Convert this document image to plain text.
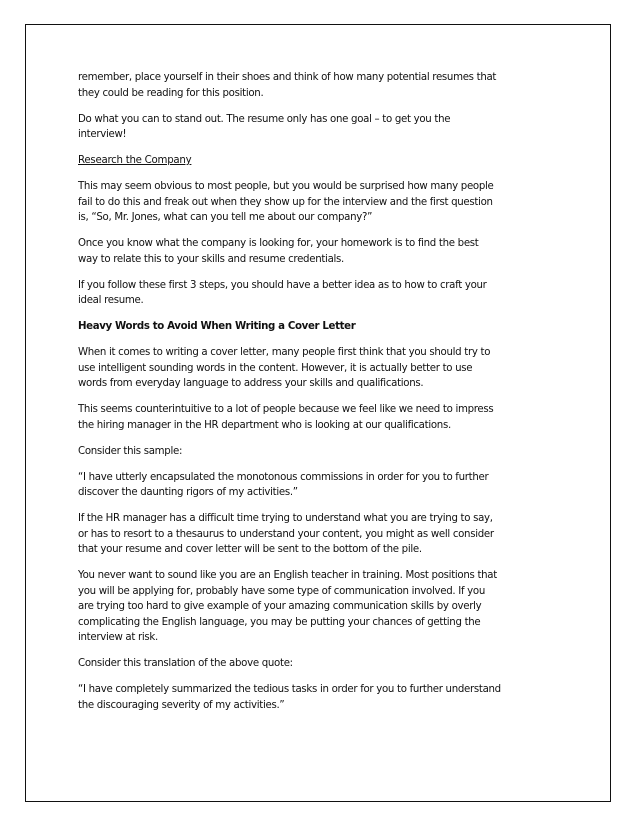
remember, place yourself in their shoes and think of how many potential resumes that
they could be reading for this position.

Do what you can to stand out. The resume only has one goal – to get you the
interview!

Research the Company

This may seem obvious to most people, but you would be surprised how many people
fail to do this and freak out when they show up for the interview and the first question
is, “So, Mr. Jones, what can you tell me about our company?”

Once you know what the company is looking for, your homework is to find the best
way to relate this to your skills and resume credentials.

If you follow these first 3 steps, you should have a better idea as to how to craft your
ideal resume.

Heavy Words to Avoid When Writing a Cover Letter

When it comes to writing a cover letter, many people first think that you should try to
use intelligent sounding words in the content. However, it is actually better to use
words from everyday language to address your skills and qualifications.

This seems counterintuitive to a lot of people because we feel like we need to impress
the hiring manager in the HR department who is looking at our qualifications.

Consider this sample:

“I have utterly encapsulated the monotonous commissions in order for you to further
discover the daunting rigors of my activities.”

If the HR manager has a difficult time trying to understand what you are trying to say,
or has to resort to a thesaurus to understand your content, you might as well consider
that your resume and cover letter will be sent to the bottom of the pile.

You never want to sound like you are an English teacher in training. Most positions that
you will be applying for, probably have some type of communication involved. If you
are trying too hard to give example of your amazing communication skills by overly
complicating the English language, you may be putting your chances of getting the
interview at risk.

Consider this translation of the above quote:

“I have completely summarized the tedious tasks in order for you to further understand
the discouraging severity of my activities.”
